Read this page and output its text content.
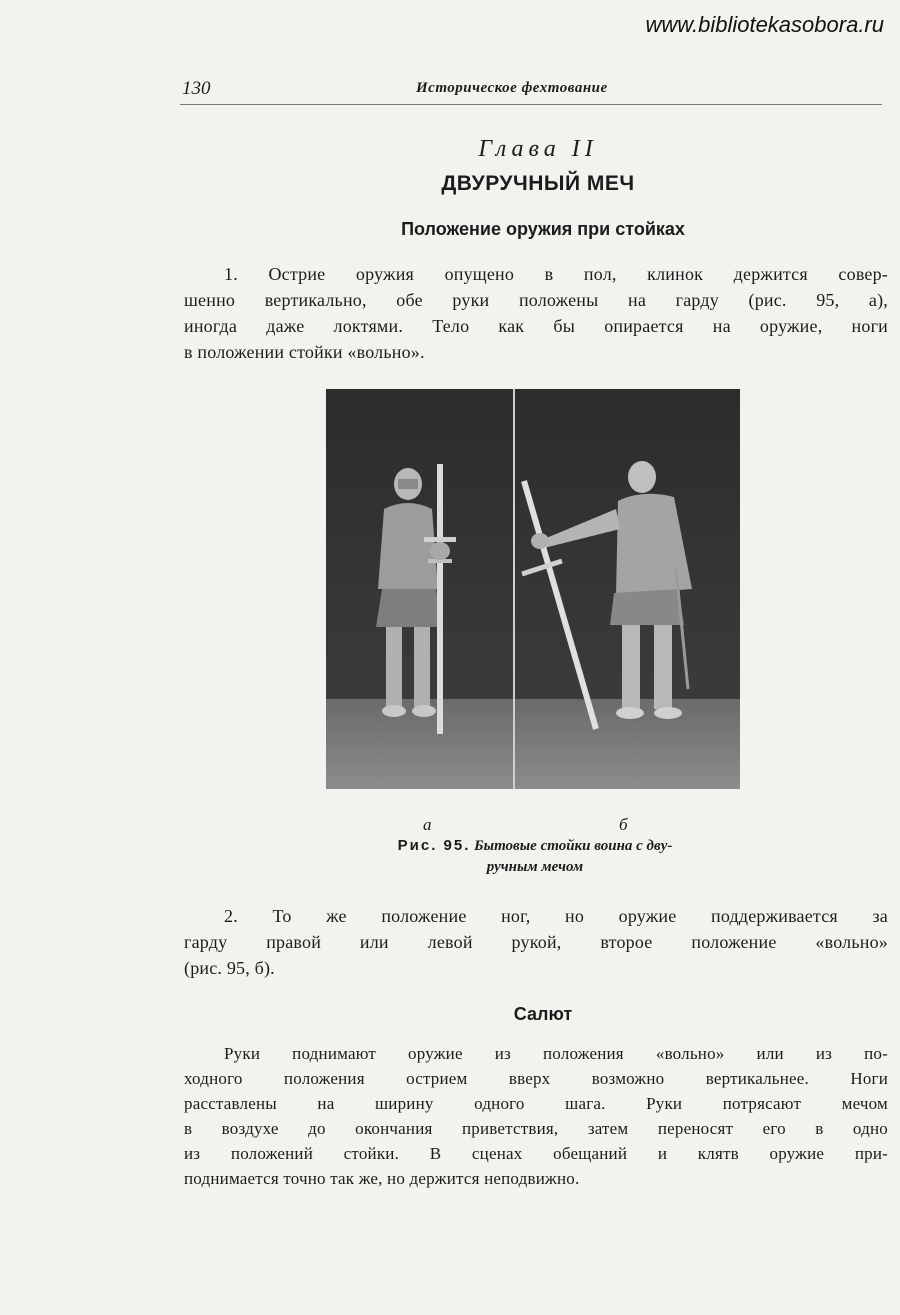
www.bibliotekasobora.ru
130	Историческое фехтование
Глава II
ДВУРУЧНЫЙ МЕЧ
Положение оружия при стойках
1. Острие оружия опущено в пол, клинок держится совер-
шенно вертикально, обе руки положены на гарду (рис. 95, а),
иногда даже локтями. Тело как бы опирается на оружие, ноги
в положении стойки «вольно».
а	б
Рис. 95. Бытовые стойки воина с дву-
ручным мечом
2. То же положение ног, но оружие поддерживается за
гарду правой или левой рукой, второе положение «вольно»
(рис. 95, б).
Салют
Руки поднимают оружие из положения «вольно» или из по-
ходного положения острием вверх возможно вертикальнее. Ноги
расставлены на ширину одного шага. Руки потрясают мечом
в воздухе до окончания приветствия, затем переносят его в одно
из положений стойки. В сценах обещаний и клятв оружие при-
поднимается точно так же, но держится неподвижно.
